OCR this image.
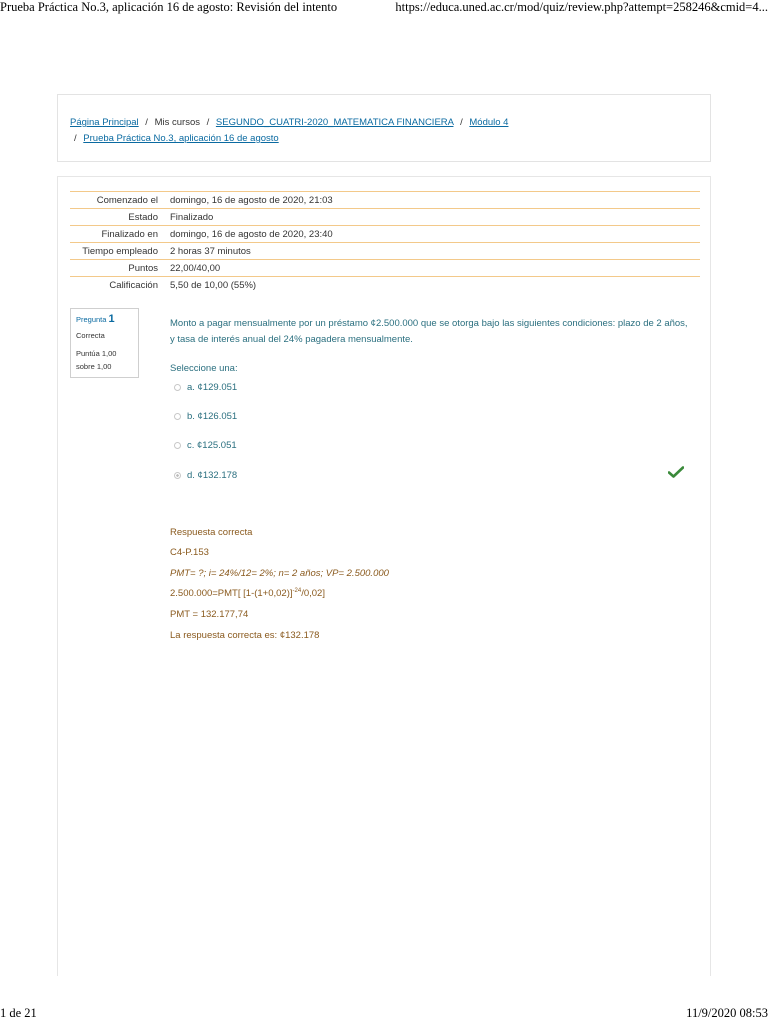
Prueba Práctica No.3, aplicación 16 de agosto: Revisión del intento	https://educa.uned.ac.cr/mod/quiz/review.php?attempt=258246&cmid=4...
Página Principal / Mis cursos / SEGUNDO_CUATRI-2020_MATEMATICA FINANCIERA / Módulo 4
/ Prueba Práctica No.3, aplicación 16 de agosto
Comenzado el	domingo, 16 de agosto de 2020, 21:03
Estado	Finalizado
Finalizado en	domingo, 16 de agosto de 2020, 23:40
Tiempo empleado	2 horas 37 minutos
Puntos	22,00/40,00
Calificación	5,50 de 10,00 (55%)
Pregunta 1
Correcta
Puntúa 1,00
sobre 1,00
Monto a pagar mensualmente por un préstamo ¢2.500.000 que se otorga bajo las siguientes condiciones: plazo de 2 años, y tasa de interés anual del 24% pagadera mensualmente.
Seleccione una:
a. ¢129.051
b. ¢126.051
c. ¢125.051
d. ¢132.178
Respuesta correcta
C4-P.153
PMT= ?; i= 24%/12= 2%; n= 2 años; VP= 2.500.000
2.500.000=PMT[ $[1-(1+0,02)]^{-24}/0,02$]
PMT = 132.177,74
La respuesta correcta es: ¢132.178
1 de 21	11/9/2020 08:53
